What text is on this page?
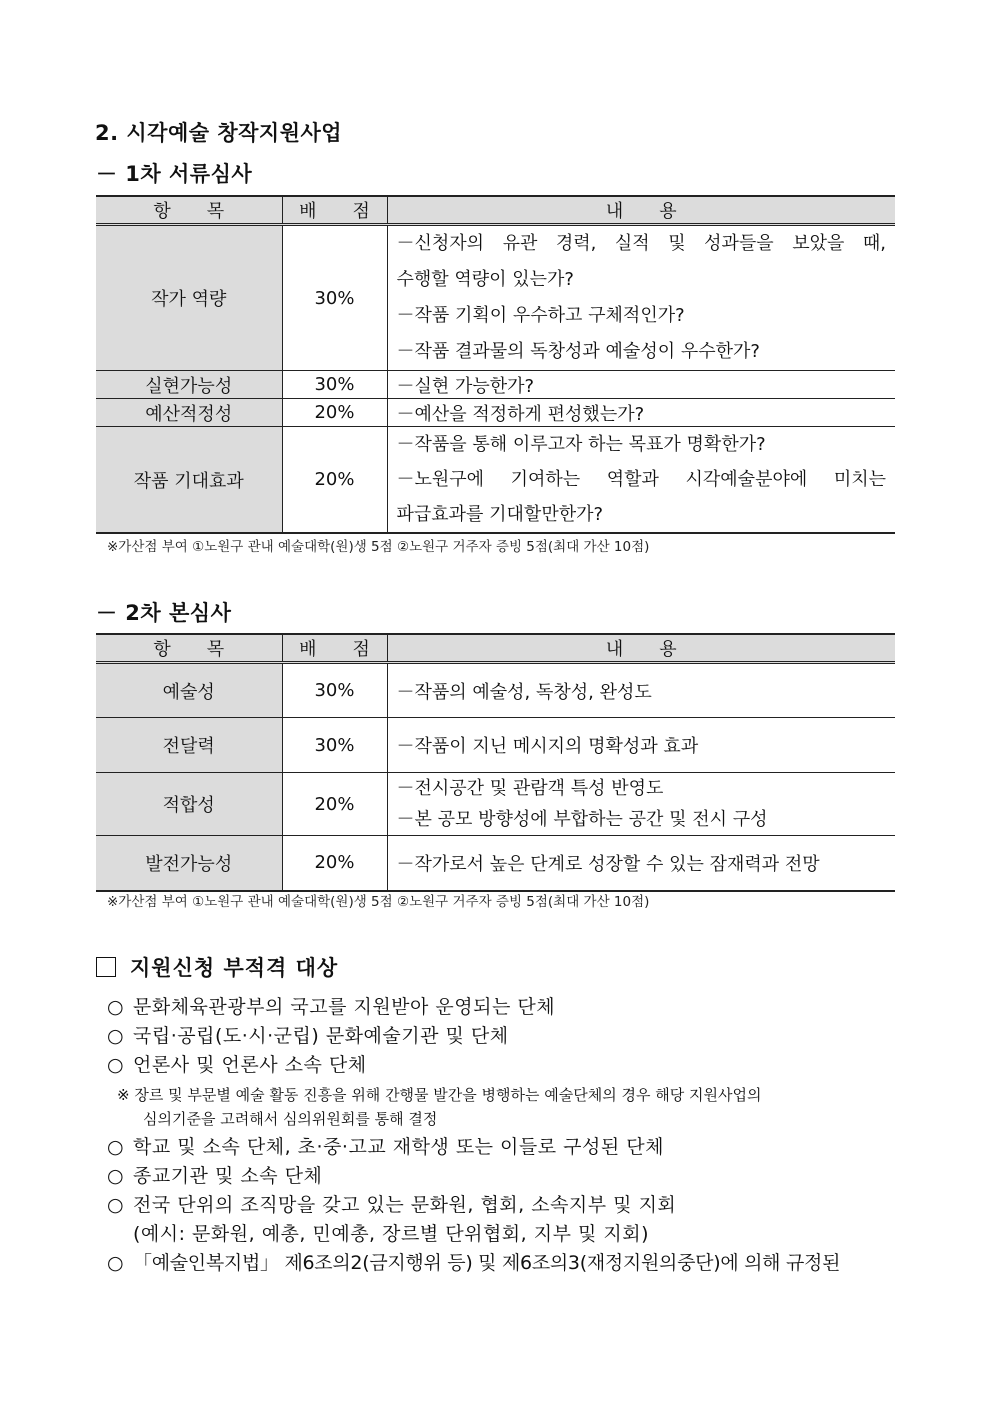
2. 시각예술 창작지원사업
－ 1차 서류심사
항　　목	배　　점	내　　용
작가 역량	30%	－신청자의 유관 경력, 실적 및 성과들을 보았을 때,
수행할 역량이 있는가?
－작품 기획이 우수하고 구체적인가?
－작품 결과물의 독창성과 예술성이 우수한가?

실현가능성	30%	－실현 가능한가?

예산적정성	20%	－예산을 적정하게 편성했는가?

작품 기대효과	20%	－작품을 통해 이루고자 하는 목표가 명확한가?
－노원구에 기여하는 역할과 시각예술분야에 미치는
파급효과를 기대할만한가?
※가산점 부여 ①노원구 관내 예술대학(원)생 5점 ②노원구 거주자 증빙 5점(최대 가산 10점)
－ 2차 본심사
항　　목	배　　점	내　　용
예술성	30%	－작품의 예술성, 독창성, 완성도

전달력	30%	－작품이 지닌 메시지의 명확성과 효과

적합성	20%	－전시공간 및 관람객 특성 반영도
－본 공모 방향성에 부합하는 공간 및 전시 구성

발전가능성	20%	－작가로서 높은 단계로 성장할 수 있는 잠재력과 전망
※가산점 부여 ①노원구 관내 예술대학(원)생 5점 ②노원구 거주자 증빙 5점(최대 가산 10점)
지원신청 부적격 대상
○ 문화체육관광부의 국고를 지원받아 운영되는 단체
○ 국립·공립(도·시·군립) 문화예술기관 및 단체
○ 언론사 및 언론사 소속 단체
※ 장르 및 부문별 예술 활동 진흥을 위해 간행물 발간을 병행하는 예술단체의 경우 해당 지원사업의
심의기준을 고려해서 심의위원회를 통해 결정
○ 학교 및 소속 단체, 초·중·고교 재학생 또는 이들로 구성된 단체
○ 종교기관 및 소속 단체
○ 전국 단위의 조직망을 갖고 있는 문화원, 협회, 소속지부 및 지회
(예시: 문화원, 예총, 민예총, 장르별 단위협회, 지부 및 지회)
○ 「예술인복지법」 제6조의2(금지행위 등) 및 제6조의3(재정지원의중단)에 의해 규정된
